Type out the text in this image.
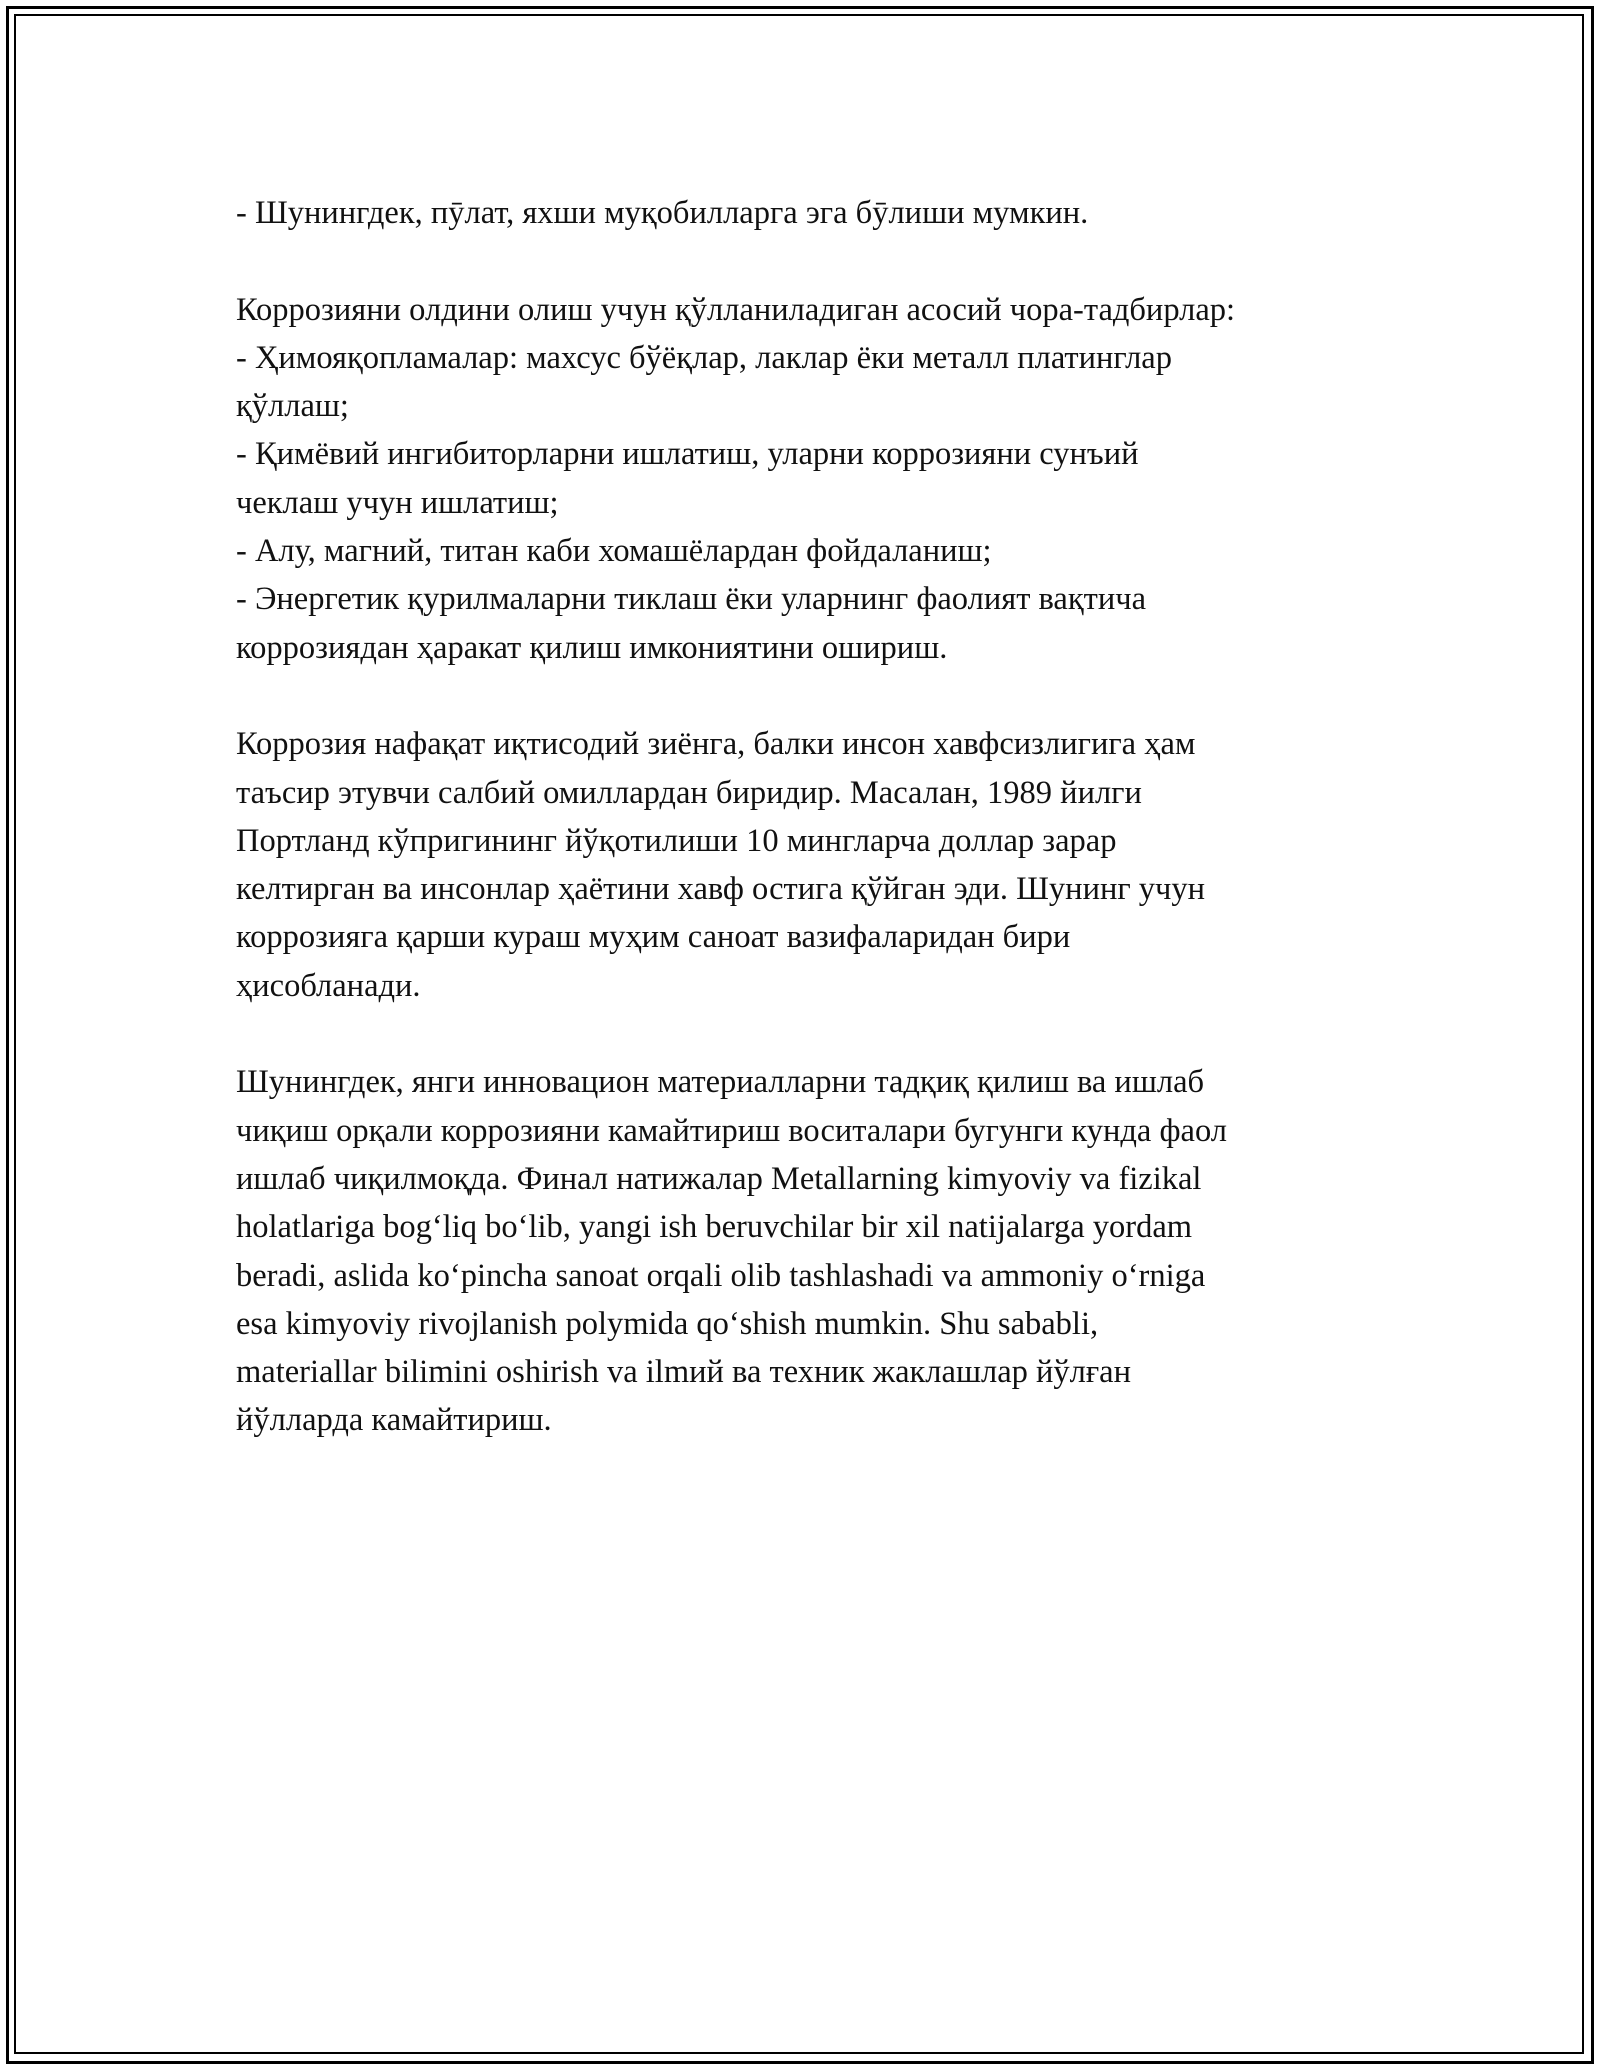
- Шунингдек, пӯлат, яхши муқобилларга эга бӯлиши мумкин.

Коррозияни олдини олиш учун қўлланиладиган асосий чора-тадбирлар:

- Ҳимояқопламалар: махсус бўёқлар, лаклар ёки металл платинглар

қўллаш;

- Қимёвий ингибиторларни ишлатиш, уларни коррозияни сунъий

чеклаш учун ишлатиш;

- Алу, магний, титан каби хомашёлардан фойдаланиш;

- Энергетик қурилмаларни тиклаш ёки уларнинг фаолият вақтича

коррозиядан ҳаракат қилиш имкониятини ошириш.

Коррозия нафақат иқтисодий зиёнга, балки инсон хавфсизлигига ҳам

таъсир этувчи салбий омиллардан биридир. Масалан, 1989 йилги

Портланд кўпригининг йўқотилиши 10 мингларча доллар зарар

келтирган ва инсонлар ҳаётини хавф остига қўйган эди. Шунинг учун

коррозияга қарши кураш муҳим саноат вазифаларидан бири

ҳисобланади.

Шунингдек, янги инновацион материалларни тадқиқ қилиш ва ишлаб

чиқиш орқали коррозияни камайтириш воситалари бугунги кунда фаол

ишлаб чиқилмоқда. Финал натижалар Metallarning kimyoviy va fizikal

holatlariga bog‘liq bo‘lib, yangi ish beruvchilar bir xil natijalarga yordam

beradi, aslida ko‘pincha sanoat orqali olib tashlashadi va ammoniy o‘rniga

esa kimyoviy rivojlanish polymida qo‘shish mumkin. Shu sababli,

materiallar bilimini oshirish va ilmий ва техник жаклашлар йўлған

йўлларда камайтириш.
